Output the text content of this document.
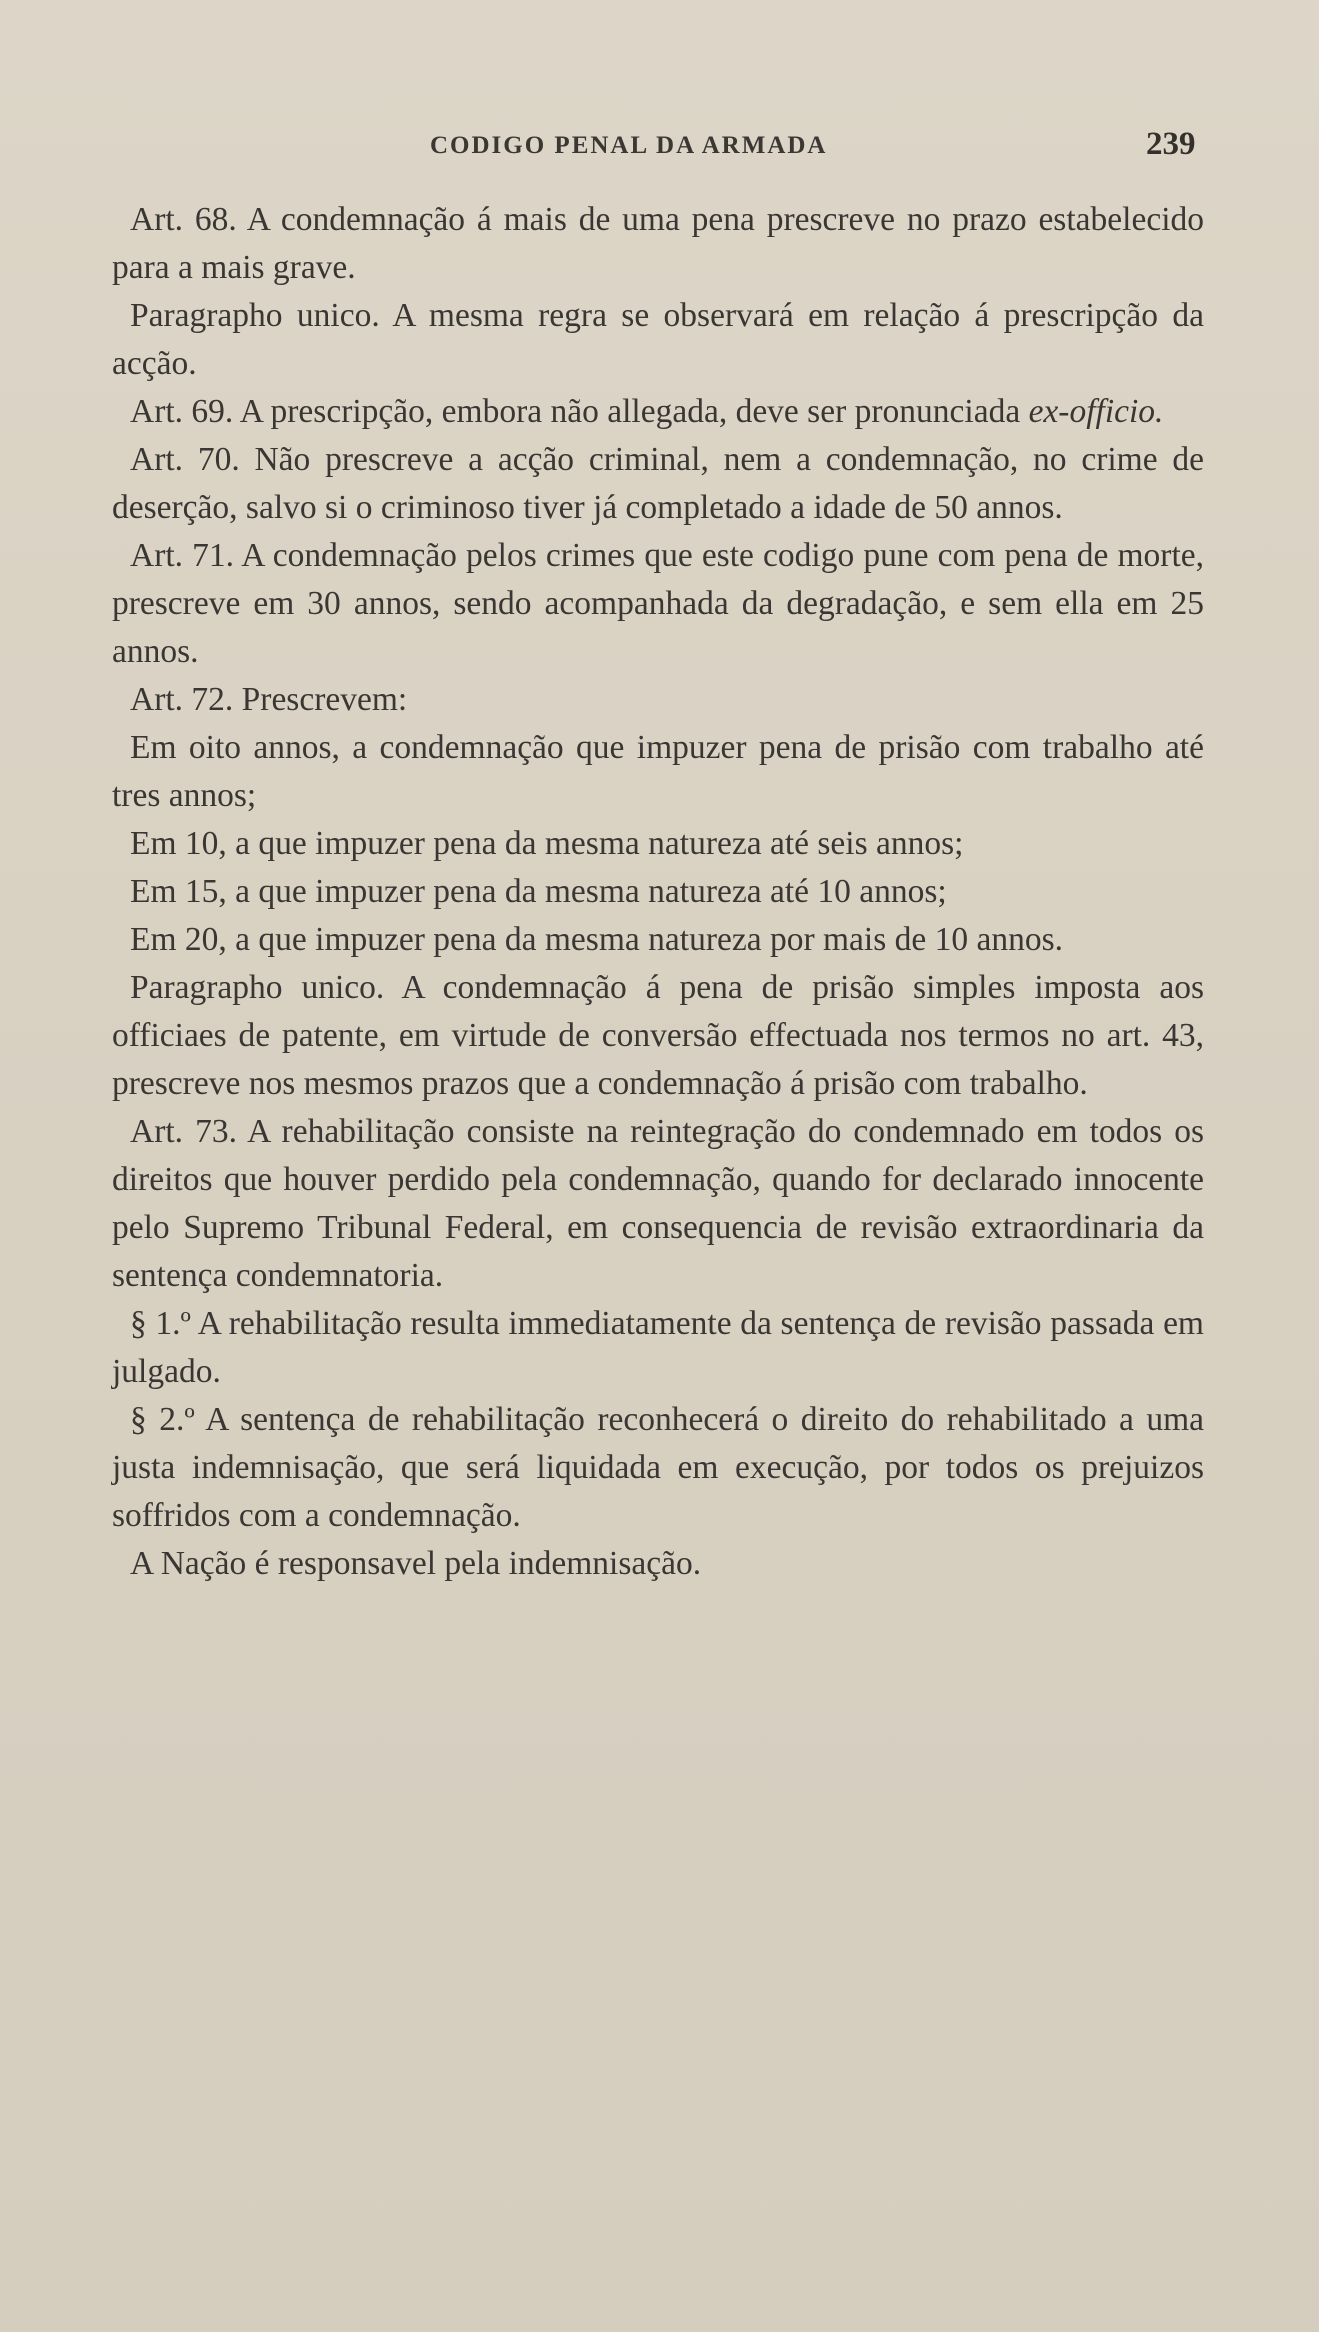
CODIGO PENAL DA ARMADA	239

Art. 68. A condemnação á mais de uma pena prescreve no prazo estabelecido para a mais grave.

Paragrapho unico. A mesma regra se observará em relação á prescripção da acção.

Art. 69. A prescripção, embora não allegada, deve ser pronunciada ex-officio.

Art. 70. Não prescreve a acção criminal, nem a condemnação, no crime de deserção, salvo si o criminoso tiver já completado a idade de 50 annos.

Art. 71. A condemnação pelos crimes que este codigo pune com pena de morte, prescreve em 30 annos, sendo acompanhada da degradação, e sem ella em 25 annos.

Art. 72. Prescrevem:

Em oito annos, a condemnação que impuzer pena de prisão com trabalho até tres annos;

Em 10, a que impuzer pena da mesma natureza até seis annos;

Em 15, a que impuzer pena da mesma natureza até 10 annos;

Em 20, a que impuzer pena da mesma natureza por mais de 10 annos.

Paragrapho unico. A condemnação á pena de prisão simples imposta aos officiaes de patente, em virtude de conversão effectuada nos termos no art. 43, prescreve nos mesmos prazos que a condemnação á prisão com trabalho.

Art. 73. A rehabilitação consiste na reintegração do condemnado em todos os direitos que houver perdido pela condemnação, quando for declarado innocente pelo Supremo Tribunal Federal, em consequencia de revisão extraordinaria da sentença condemnatoria.

§ 1.º A rehabilitação resulta immediatamente da sentença de revisão passada em julgado.

§ 2.º A sentença de rehabilitação reconhecerá o direito do rehabilitado a uma justa indemnisação, que será liquidada em execução, por todos os prejuizos soffridos com a condemnação.

A Nação é responsavel pela indemnisação.
